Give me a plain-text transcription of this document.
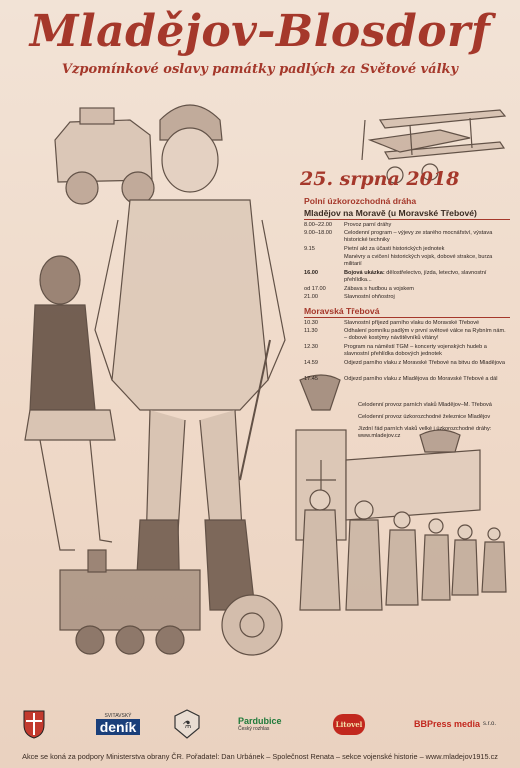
Mladějov-Blosdorf
Vzpomínkové oslavy památky padlých za Světové války
25. srpna 2018
Polní úzkorozchodná dráha
Mladějov na Moravě (u Moravské Třebové)
8.00–22.00	Provoz parní dráhy
9.00–18.00	Celodenní program – výjevy ze starého mocnářství, výstava historické techniky
9.15	Pietní akt za účasti historických jednotek
Manévry a cvičení historických vojsk, dobové strakce, burza militarií
16.00	Bojová ukázka: dělostřelectvo, jízda, letectvo, slavnostní přehlídka...
od 17.00	Zábava s hudbou a vojskem
21.00	Slavnostní ohňostroj
Moravská Třebová
10.30	Slavnostní příjezd parního vlaku do Moravské Třebové
11.30	Odhalení pomníku padlým v první světové válce na Rybním nám. – dobové kostýmy návštěvníků vítány!
12.30	Program na náměstí TGM – koncerty vojenských hudeb a slavnostní přehlídka dobových jednotek
14.59	Odjezd parního vlaku z Moravské Třebové na bitvu do Mladějova
17.45	Odjezd parního vlaku z Mladějova do Moravské Třebové a dál
Celodenní provoz parních vlaků Mladějov–M. Třebová
Celodenní provoz úzkorozchodné železnice Mladějov
Jízdní řád parních vlaků velké i úzkorozchodné dráhy: www.mladejov.cz
SVITAVSKÝ
deník	⚗	Pardubice
Český rozhlas
Litovel	BBPress media s.r.o.
Akce se koná za podpory Ministerstva obrany ČR. Pořadatel: Dan Urbánek – Společnost Renata – sekce vojenské historie – www.mladejov1915.cz
